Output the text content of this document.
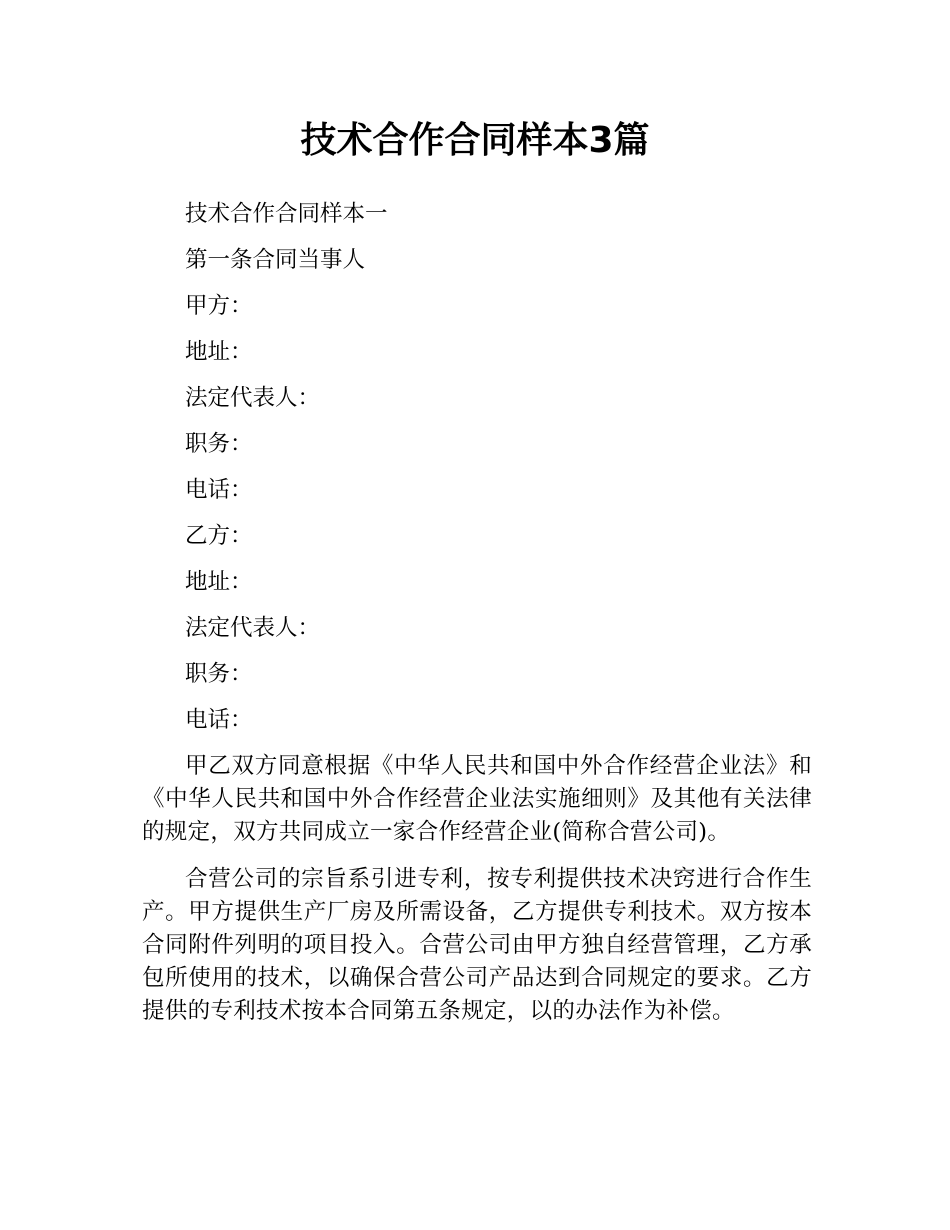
技术合作合同样本3篇

技术合作合同样本一

第一条合同当事人

甲方：

地址：

法定代表人：

职务：

电话：

乙方：

地址：

法定代表人：

职务：

电话：

甲乙双方同意根据《中华人民共和国中外合作经营企业法》和《中华人民共和国中外合作经营企业法实施细则》及其他有关法律的规定，双方共同成立一家合作经营企业(简称合营公司)。

合营公司的宗旨系引进专利，按专利提供技术决窍进行合作生产。甲方提供生产厂房及所需设备，乙方提供专利技术。双方按本合同附件列明的项目投入。合营公司由甲方独自经营管理，乙方承包所使用的技术，以确保合营公司产品达到合同规定的要求。乙方提供的专利技术按本合同第五条规定，以的办法作为补偿。
